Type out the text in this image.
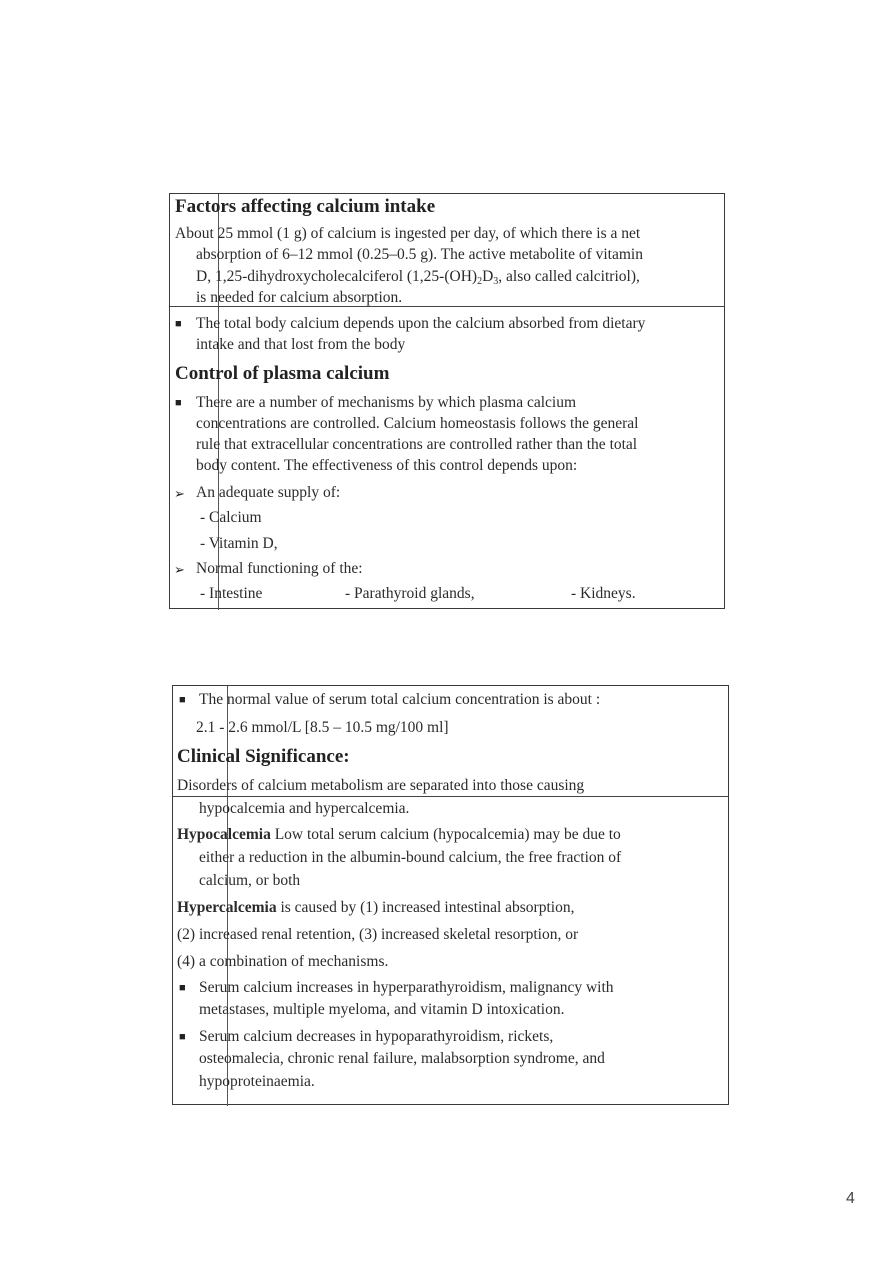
Factors affecting calcium intake
About 25 mmol (1 g) of calcium is ingested per day, of which there is a net
absorption of 6–12 mmol (0.25–0.5 g). The active metabolite of vitamin
D, 1,25-dihydroxycholecalciferol ($1,25-(OH)_2D_3$, also called calcitriol),
is needed for calcium absorption.
■ The total body calcium depends upon the calcium absorbed from dietary
intake and that lost from the body
Control of plasma calcium
■ There are a number of mechanisms by which plasma calcium
concentrations are controlled. Calcium homeostasis follows the general
rule that extracellular concentrations are controlled rather than the total
body content. The effectiveness of this control depends upon:
➢ An adequate supply of:
- Calcium
- Vitamin D,
➢ Normal functioning of the:
- Intestine	- Parathyroid glands,	- Kidneys.
■ The normal value of serum total calcium concentration is about :
2.1 - 2.6 mmol/L [8.5 – 10.5 mg/100 ml]
Clinical Significance:
Disorders of calcium metabolism are separated into those causing
hypocalcemia and hypercalcemia.
Hypocalcemia Low total serum calcium (hypocalcemia) may be due to
either a reduction in the albumin-bound calcium, the free fraction of
calcium, or both
Hypercalcemia is caused by (1) increased intestinal absorption,
(2) increased renal retention, (3) increased skeletal resorption, or
(4) a combination of mechanisms.
■ Serum calcium increases in hyperparathyroidism, malignancy with
metastases, multiple myeloma, and vitamin D intoxication.
■ Serum calcium decreases in hypoparathyroidism, rickets,
osteomalecia, chronic renal failure, malabsorption syndrome, and
hypoproteinaemia.
4
